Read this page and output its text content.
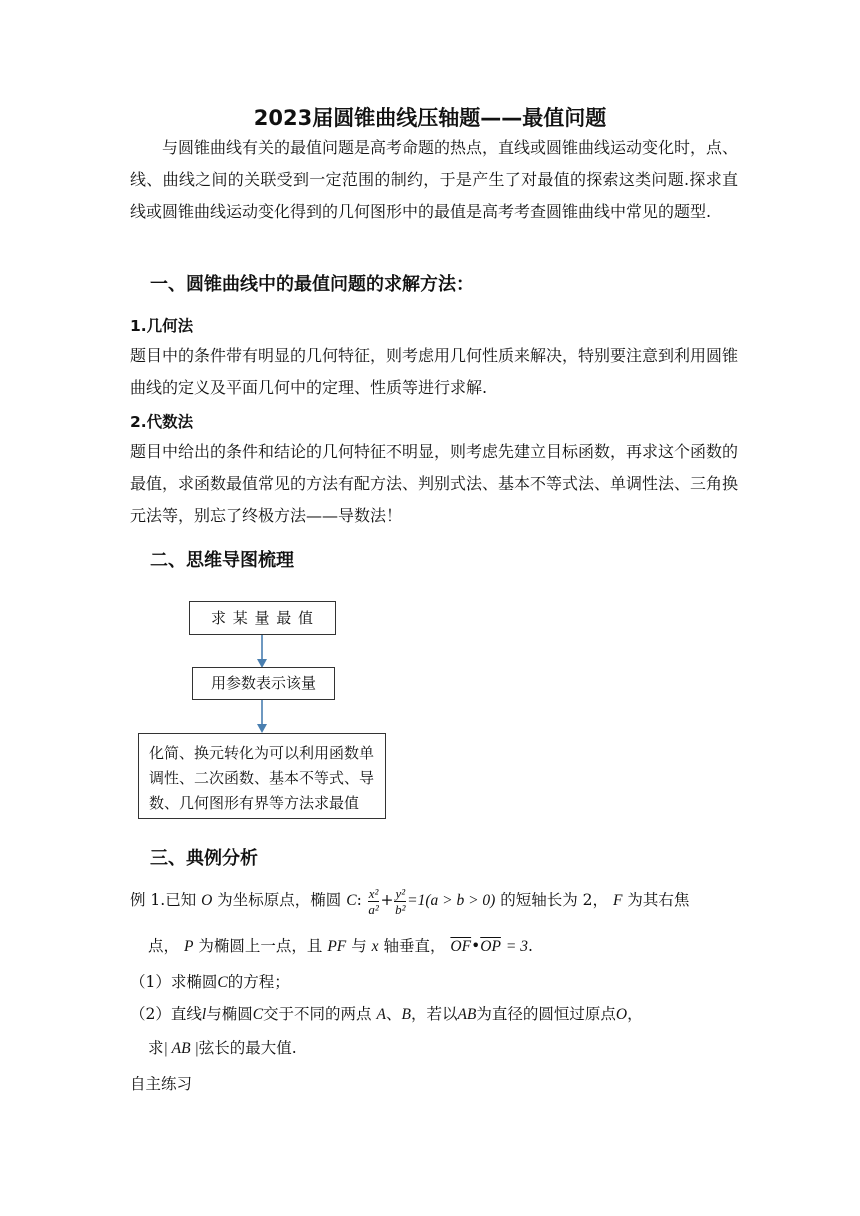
2023届圆锥曲线压轴题——最值问题
与圆锥曲线有关的最值问题是高考命题的热点，直线或圆锥曲线运动变化时，点、线、曲线之间的关联受到一定范围的制约，于是产生了对最值的探索这类问题.探求直线或圆锥曲线运动变化得到的几何图形中的最值是高考考查圆锥曲线中常见的题型.
一、圆锥曲线中的最值问题的求解方法：
1.几何法
题目中的条件带有明显的几何特征，则考虑用几何性质来解决，特别要注意到利用圆锥曲线的定义及平面几何中的定理、性质等进行求解.
2.代数法
题目中给出的条件和结论的几何特征不明显，则考虑先建立目标函数，再求这个函数的最值，求函数最值常见的方法有配方法、判别式法、基本不等式法、单调性法、三角换元法等，别忘了终极方法——导数法！
二、思维导图梳理
求 某 量 最 值
用参数表示该量
化简、换元转化为可以利用函数单调性、二次函数、基本不等式、导数、几何图形有界等方法求最值
三、典例分析
例 1.已知 O 为坐标原点，椭圆 C: $\frac{\text{x²}}{\text{a²}} + \frac{\text{y²}}{\text{b²}} =1(a > b > 0)$ 的短轴长为 2， F 为其右焦
点， P 为椭圆上一点，且 PF 与 x 轴垂直， $\overline{OF}•\overline{OP} = 3$.
（1）求椭圆C的方程；
（2）直线l与椭圆C交于不同的两点 A、B，若以AB为直径的圆恒过原点O，
求| AB |弦长的最大值.
自主练习
